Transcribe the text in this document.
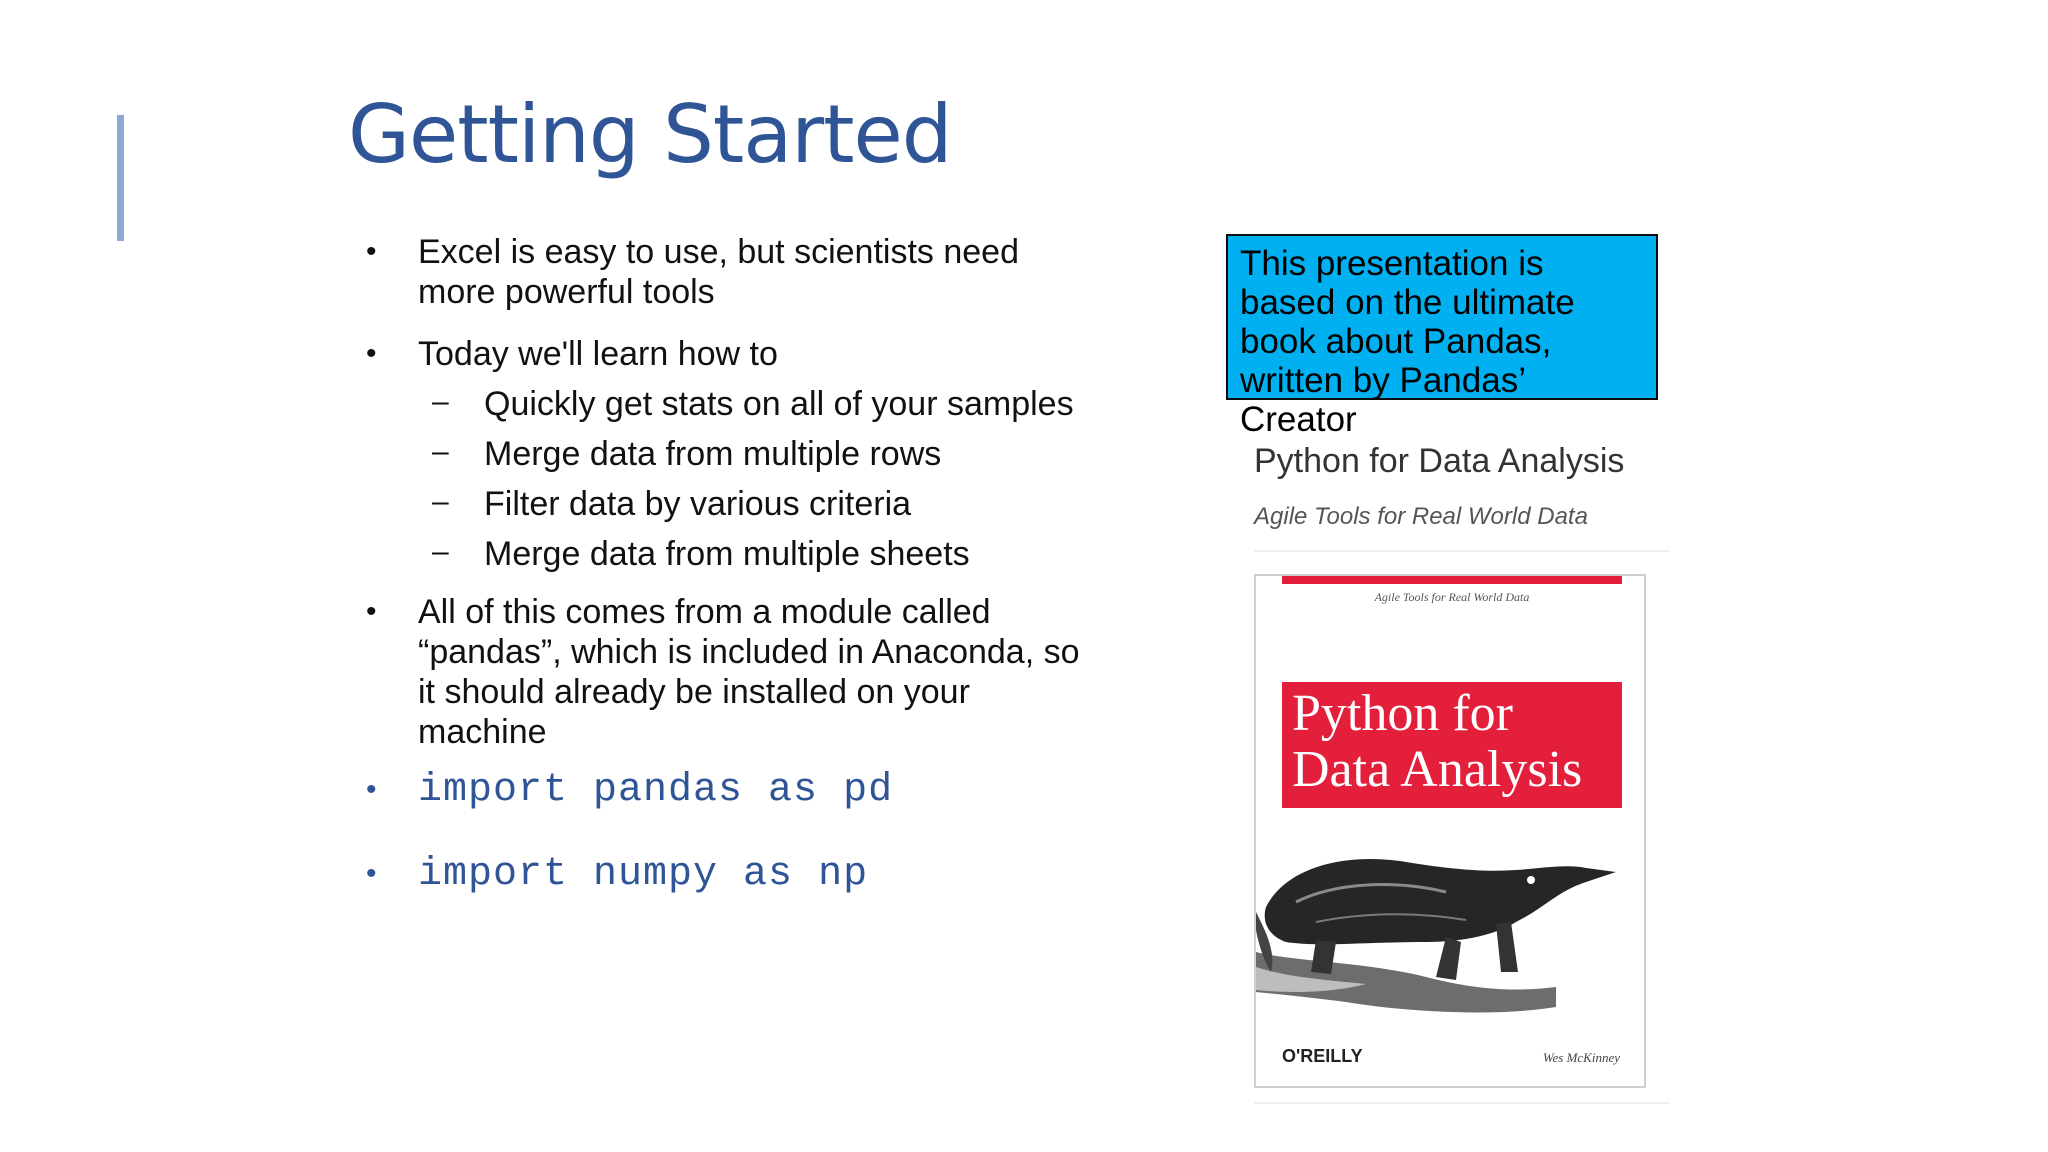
Getting Started
• Excel is easy to use, but scientists need more powerful tools
• Today we'll learn how to
– Quickly get stats on all of your samples
– Merge data from multiple rows
– Filter data by various criteria
– Merge data from multiple sheets
• All of this comes from a module called “pandas”, which is included in Anaconda, so it should already be installed on your machine
• import pandas as pd
• import numpy as np
This presentation is based on the ultimate book about Pandas, written by Pandas’ Creator
Python for Data Analysis
Agile Tools for Real World Data
Agile Tools for Real World Data
Python for Data Analysis
O'REILLY	Wes McKinney
